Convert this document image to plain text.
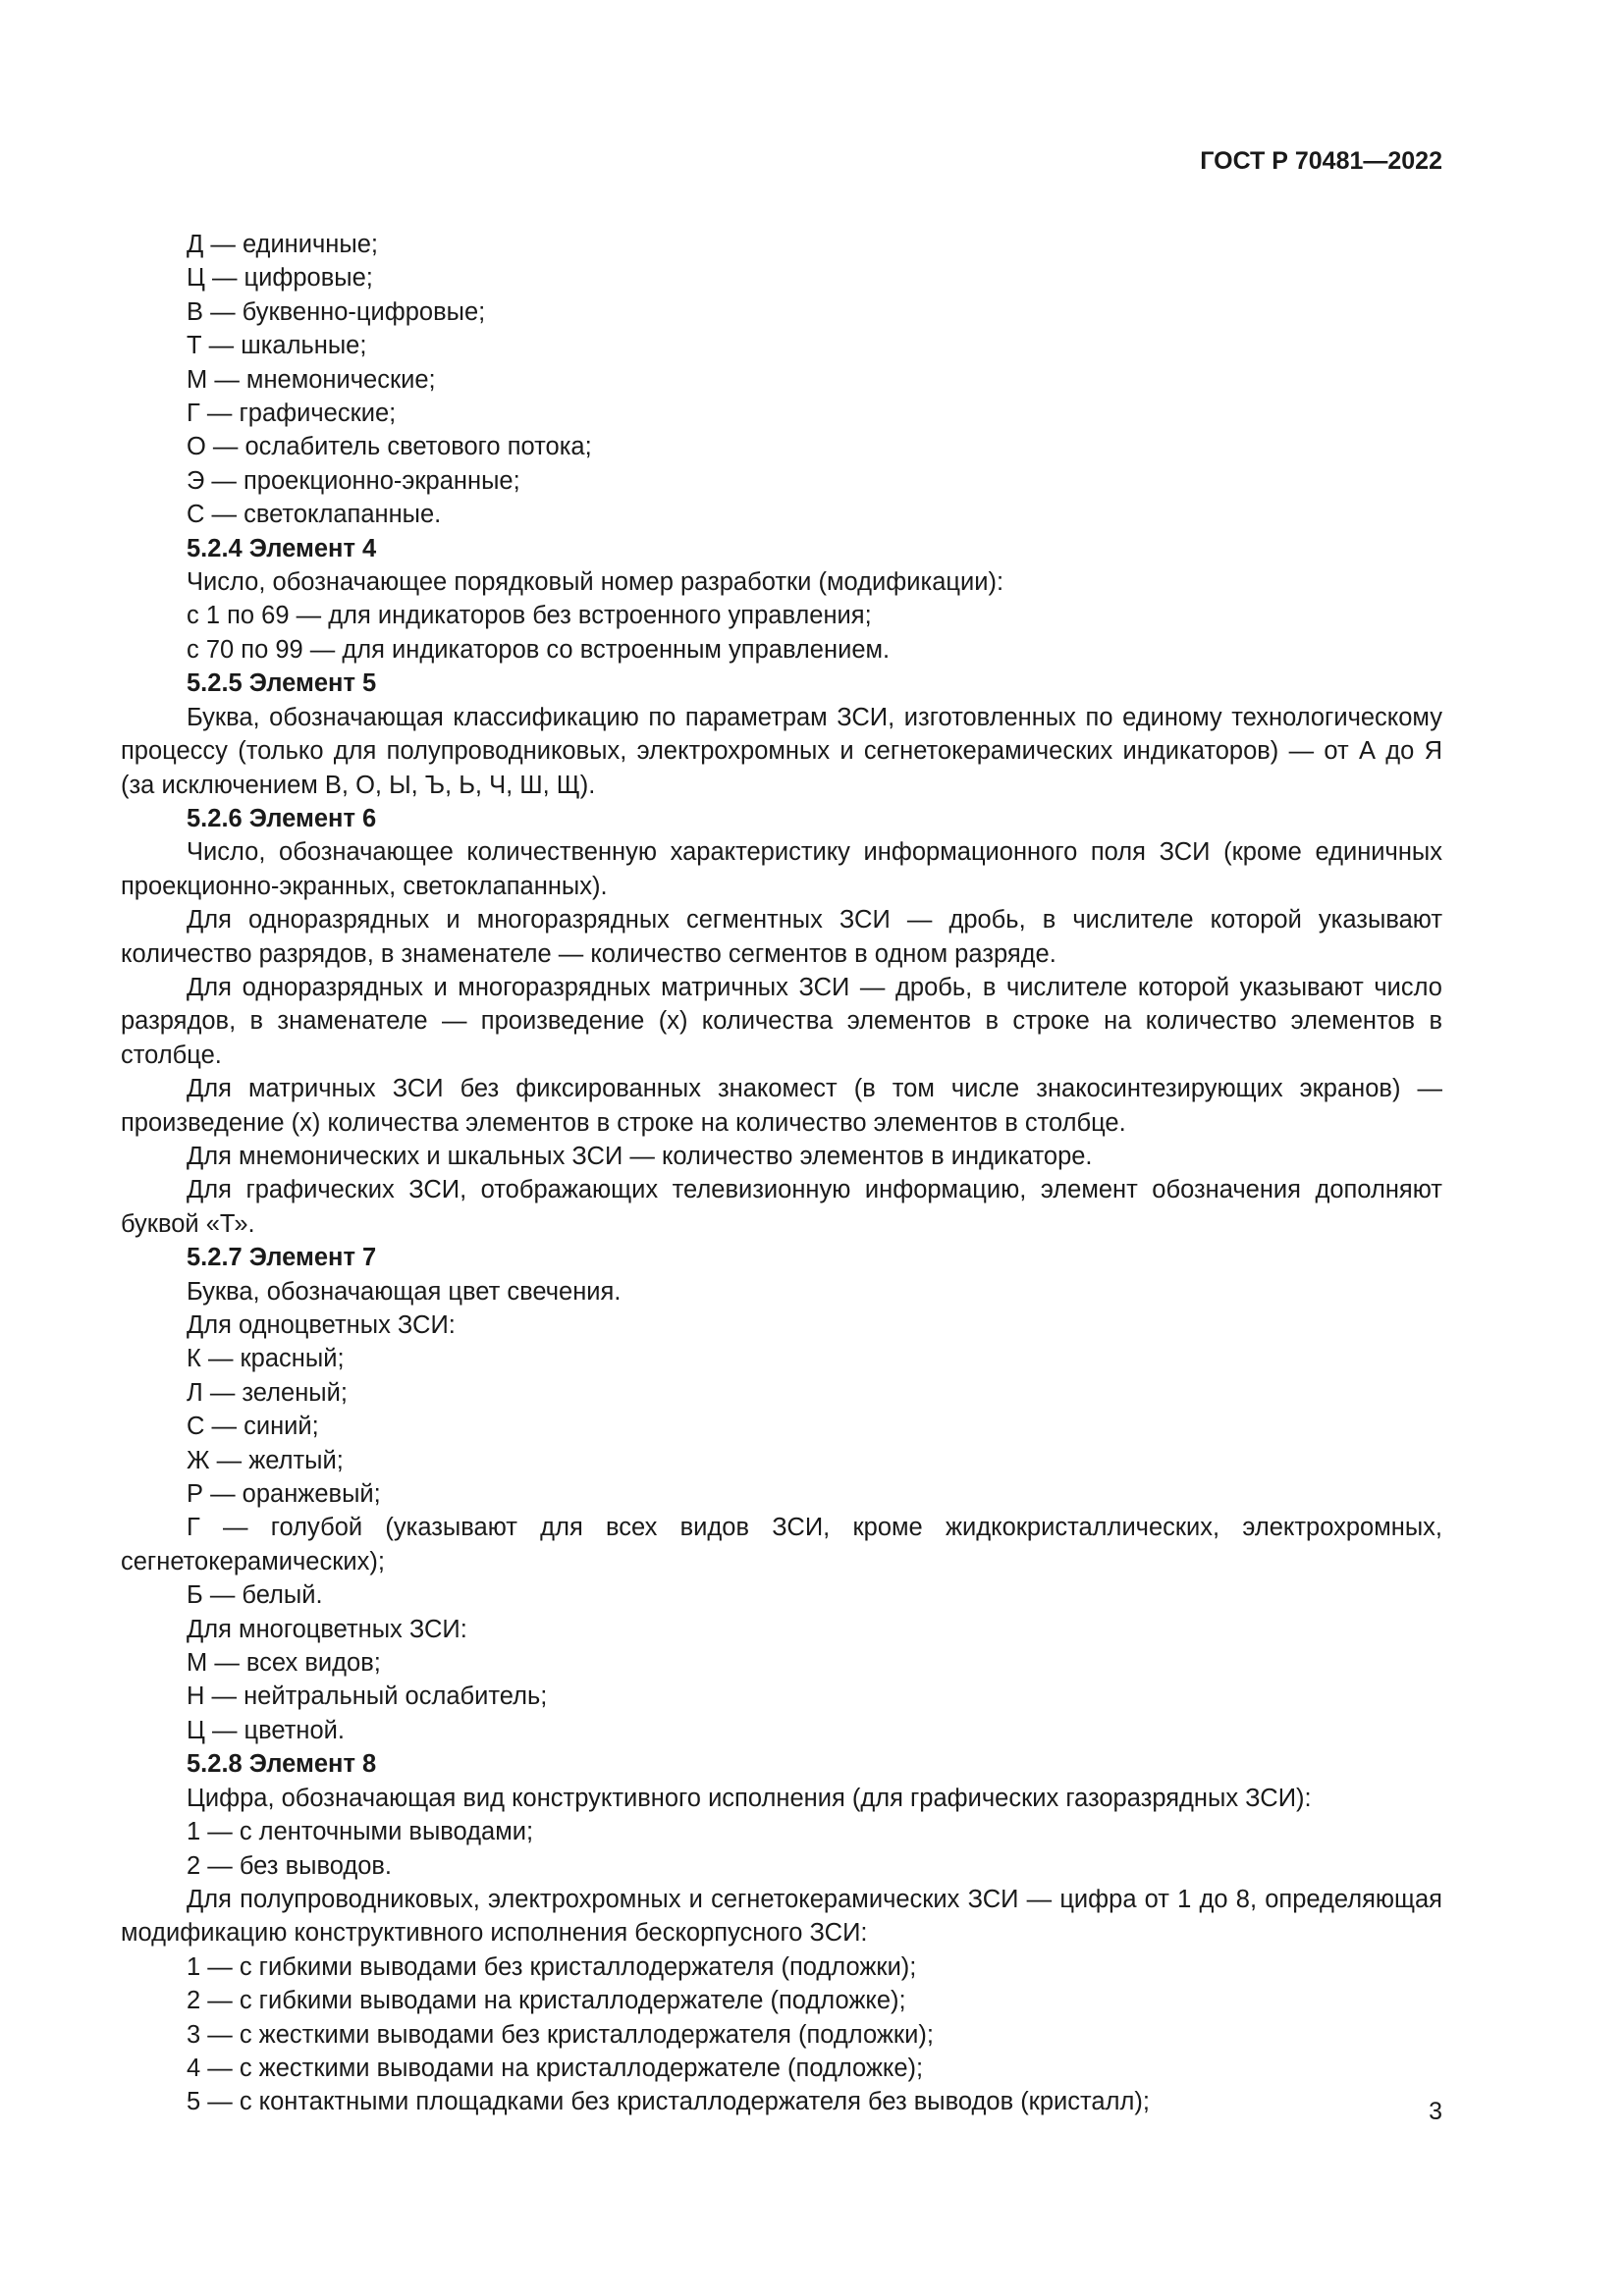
ГОСТ Р 70481—2022

Д — единичные;

Ц — цифровые;

В — буквенно-цифровые;

Т — шкальные;

М — мнемонические;

Г — графические;

О — ослабитель светового потока;

Э — проекционно-экранные;

С — светоклапанные.

5.2.4 Элемент 4

Число, обозначающее порядковый номер разработки (модификации):

с 1 по 69 — для индикаторов без встроенного управления;

с 70 по 99 — для индикаторов со встроенным управлением.

5.2.5 Элемент 5

Буква, обозначающая классификацию по параметрам ЗСИ, изготовленных по единому технологическому процессу (только для полупроводниковых, электрохромных и сегнетокерамических индикаторов) — от А до Я (за исключением В, О, Ы, Ъ, Ь, Ч, Ш, Щ).

5.2.6 Элемент 6

Число, обозначающее количественную характеристику информационного поля ЗСИ (кроме единичных проекционно-экранных, светоклапанных).

Для одноразрядных и многоразрядных сегментных ЗСИ — дробь, в числителе которой указывают количество разрядов, в знаменателе — количество сегментов в одном разряде.

Для одноразрядных и многоразрядных матричных ЗСИ — дробь, в числителе которой указывают число разрядов, в знаменателе — произведение (х) количества элементов в строке на количество элементов в столбце.

Для матричных ЗСИ без фиксированных знакомест (в том числе знакосинтезирующих экранов) — произведение (х) количества элементов в строке на количество элементов в столбце.

Для мнемонических и шкальных ЗСИ — количество элементов в индикаторе.

Для графических ЗСИ, отображающих телевизионную информацию, элемент обозначения дополняют буквой «Т».

5.2.7 Элемент 7

Буква, обозначающая цвет свечения.

Для одноцветных ЗСИ:

К — красный;

Л — зеленый;

С — синий;

Ж — желтый;

Р — оранжевый;

Г — голубой (указывают для всех видов ЗСИ, кроме жидкокристаллических, электрохромных, сегнетокерамических);

Б — белый.

Для многоцветных ЗСИ:

М — всех видов;

Н — нейтральный ослабитель;

Ц — цветной.

5.2.8 Элемент 8

Цифра, обозначающая вид конструктивного исполнения (для графических газоразрядных ЗСИ):

1 — с ленточными выводами;

2 — без выводов.

Для полупроводниковых, электрохромных и сегнетокерамических ЗСИ — цифра от 1 до 8, определяющая модификацию конструктивного исполнения бескорпусного ЗСИ:

1 — с гибкими выводами без кристаллодержателя (подложки);

2 — с гибкими выводами на кристаллодержателе (подложке);

3 — с жесткими выводами без кристаллодержателя (подложки);

4 — с жесткими выводами на кристаллодержателе (подложке);

5 — с контактными площадками без кристаллодержателя без выводов (кристалл);	3
